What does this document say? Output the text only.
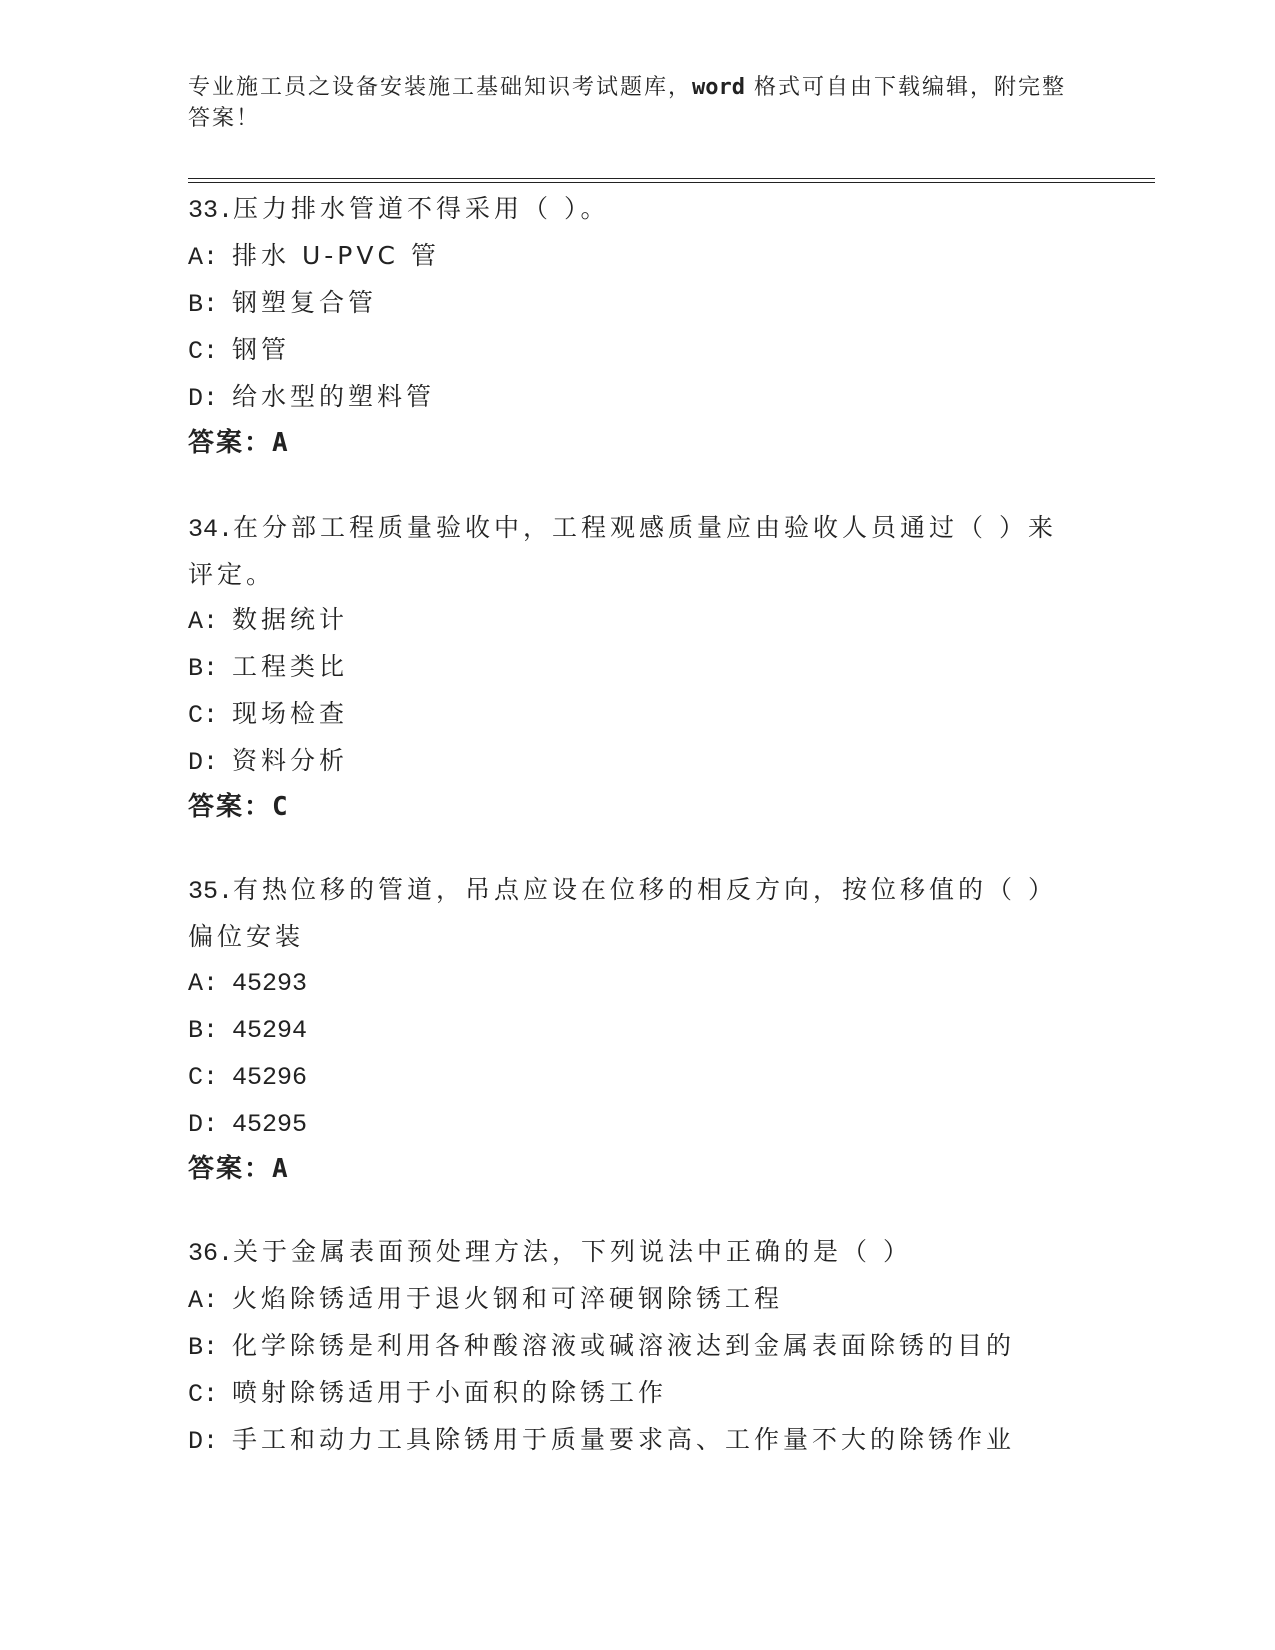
专业施工员之设备安装施工基础知识考试题库，word 格式可自由下载编辑，附完整答案！
33.压力排水管道不得采用（ ）。
A: 排水 U-PVC 管
B: 钢塑复合管
C: 钢管
D: 给水型的塑料管
答案：A
34.在分部工程质量验收中，工程观感质量应由验收人员通过（ ）来评定。
A: 数据统计
B: 工程类比
C: 现场检查
D: 资料分析
答案：C
35.有热位移的管道，吊点应设在位移的相反方向，按位移值的（ ）偏位安装
A: 45293
B: 45294
C: 45296
D: 45295
答案：A
36.关于金属表面预处理方法，下列说法中正确的是（ ）
A: 火焰除锈适用于退火钢和可淬硬钢除锈工程
B: 化学除锈是利用各种酸溶液或碱溶液达到金属表面除锈的目的
C: 喷射除锈适用于小面积的除锈工作
D: 手工和动力工具除锈用于质量要求高、工作量不大的除锈作业
